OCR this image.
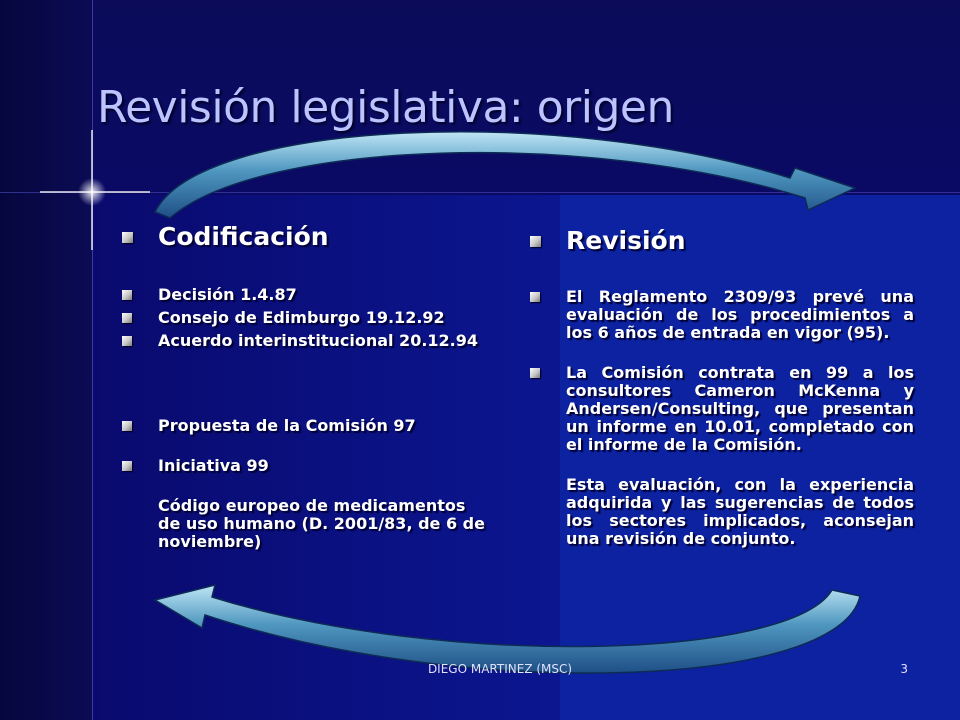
Revisión legislativa: origen
Codificación
Decisión 1.4.87
Consejo de Edimburgo 19.12.92
Acuerdo interinstitucional 20.12.94
Propuesta de la Comisión 97
Iniciativa 99
Código europeo de medicamentos de uso humano (D. 2001/83, de 6 de noviembre)
Revisión
El Reglamento 2309/93 prevé una evaluación de los procedimientos a los 6 años de entrada en vigor (95).
La Comisión contrata en 99 a los consultores Cameron McKenna y Andersen/Consulting, que presentan un informe en 10.01, completado con el informe de la Comisión.
Esta evaluación, con la experiencia adquirida y las sugerencias de todos los sectores implicados, aconsejan una revisión de conjunto.
DIEGO MARTINEZ (MSC)	3
